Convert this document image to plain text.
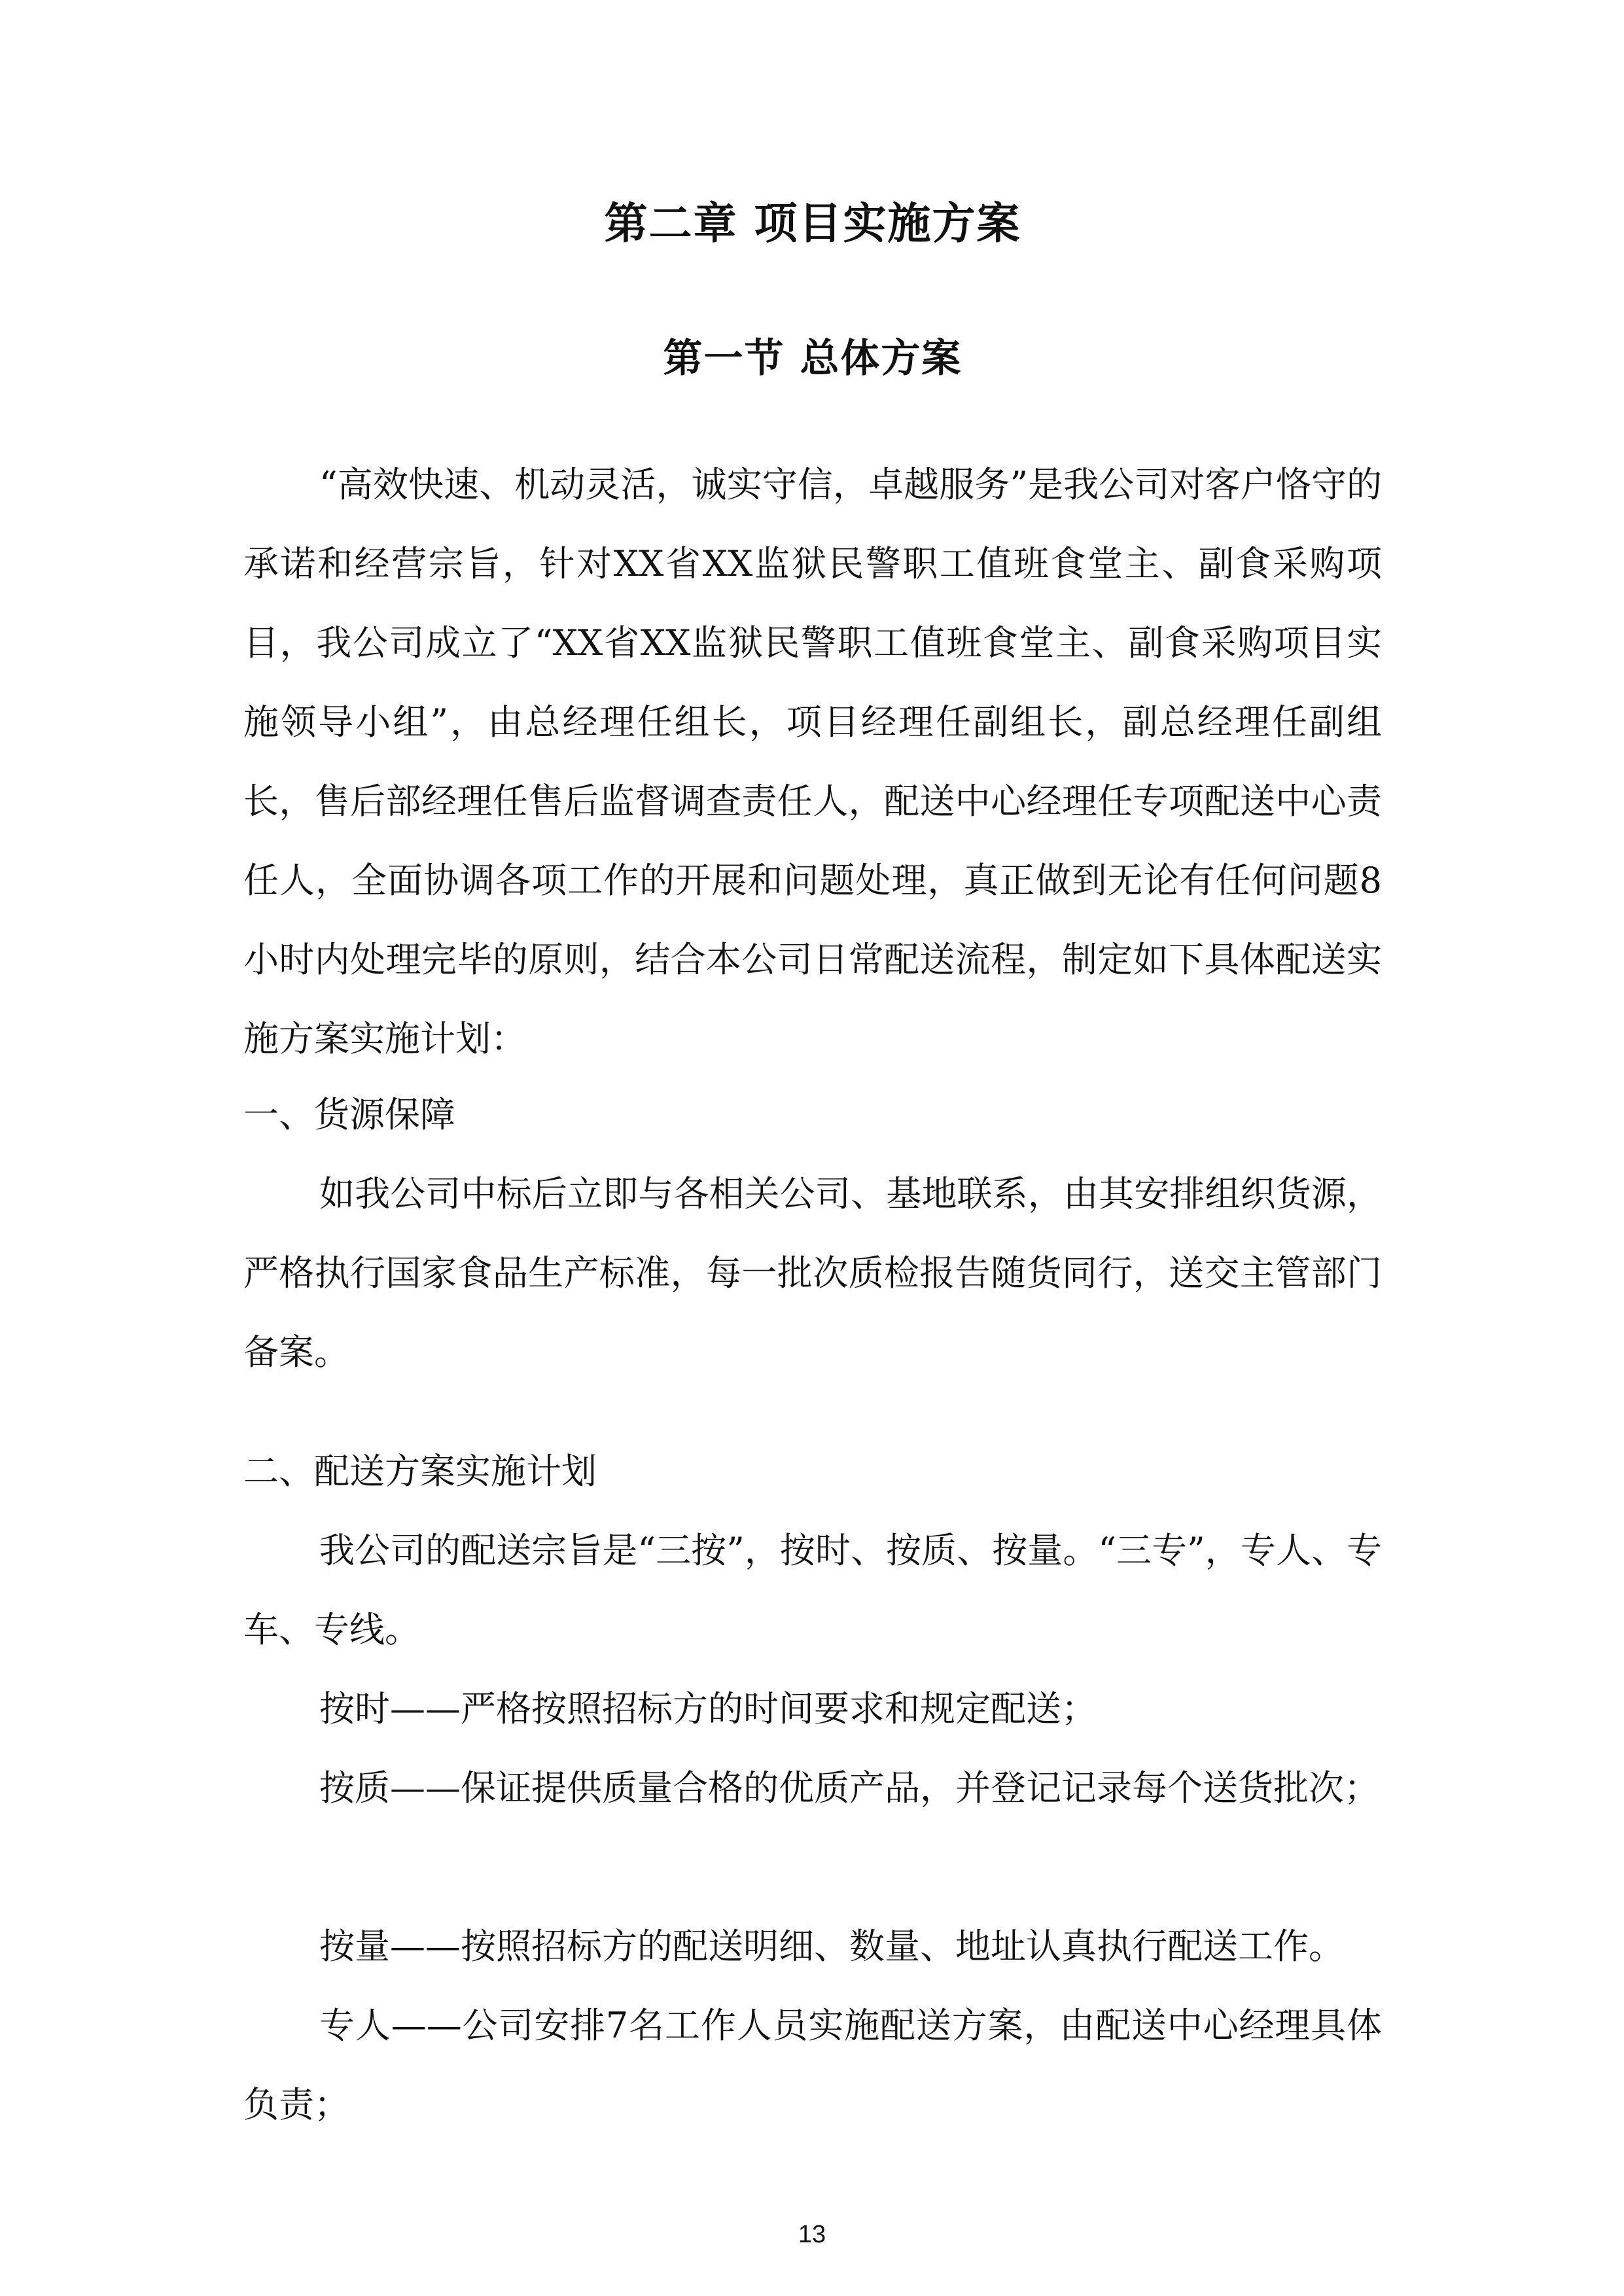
第二章 项目实施方案
第一节 总体方案

“高效快速、机动灵活，诚实守信，卓越服务”是我公司对客户恪守的承诺和经营宗旨，针对XX省XX监狱民警职工值班食堂主、副食采购项目，我公司成立了“XX省XX监狱民警职工值班食堂主、副食采购项目实施领导小组”，由总经理任组长，项目经理任副组长，副总经理任副组长，售后部经理任售后监督调查责任人，配送中心经理任专项配送中心责任人，全面协调各项工作的开展和问题处理，真正做到无论有任何问题8小时内处理完毕的原则，结合本公司日常配送流程，制定如下具体配送实施方案实施计划：

一、货源保障

如我公司中标后立即与各相关公司、基地联系，由其安排组织货源，严格执行国家食品生产标准，每一批次质检报告随货同行，送交主管部门备案。

二、配送方案实施计划

我公司的配送宗旨是“三按”，按时、按质、按量。“三专”，专人、专车、专线。

按时——严格按照招标方的时间要求和规定配送；

按质——保证提供质量合格的优质产品，并登记记录每个送货批次；

按量——按照招标方的配送明细、数量、地址认真执行配送工作。

专人——公司安排7名工作人员实施配送方案，由配送中心经理具体负责；

13
